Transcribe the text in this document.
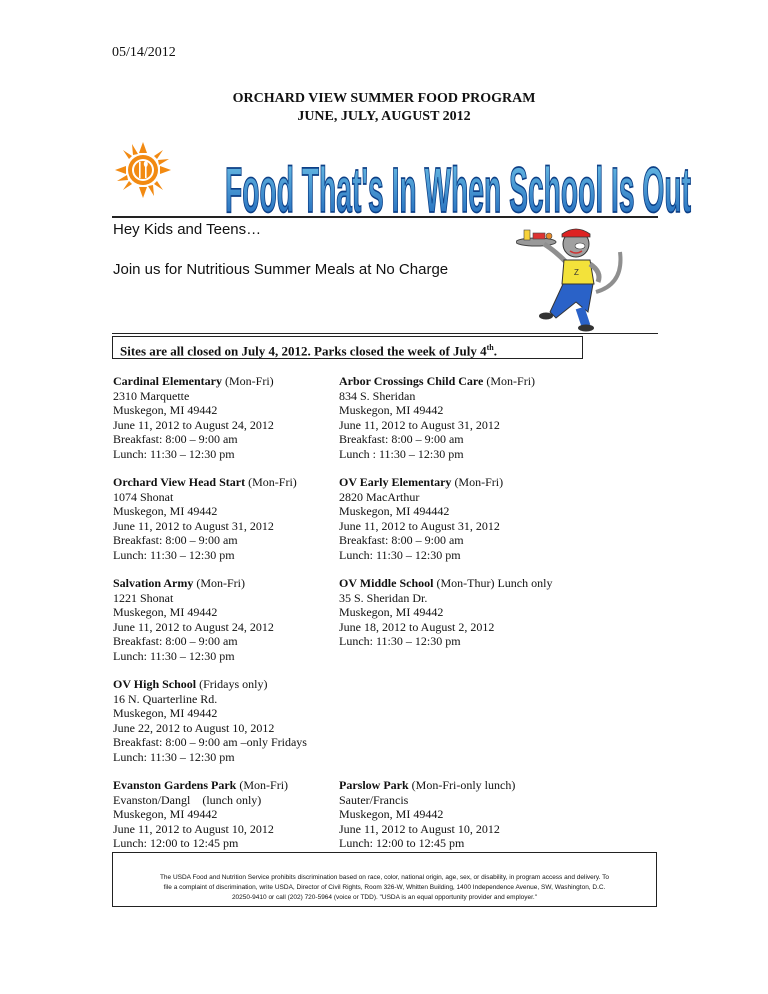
05/14/2012
ORCHARD VIEW SUMMER FOOD PROGRAM
JUNE, JULY, AUGUST 2012
Food That's In When School Is Out
Hey Kids and Teens…
Join us for Nutritious Summer Meals at No Charge	Z
Sites are all closed on July 4, 2012. Parks closed the week of July 4th.
Cardinal Elementary (Mon-Fri)
2310 Marquette
Muskegon, MI 49442
June 11, 2012 to August 24, 2012
Breakfast: 8:00 – 9:00 am
Lunch: 11:30 – 12:30 pm
Arbor Crossings Child Care (Mon-Fri)
834 S. Sheridan
Muskegon, MI 49442
June 11, 2012 to August 31, 2012
Breakfast: 8:00 – 9:00 am
Lunch : 11:30 – 12:30 pm
Orchard View Head Start (Mon-Fri)
1074 Shonat
Muskegon, MI 49442
June 11, 2012 to August 31, 2012
Breakfast: 8:00 – 9:00 am
Lunch: 11:30 – 12:30 pm
OV Early Elementary (Mon-Fri)
2820 MacArthur
Muskegon, MI 494442
June 11, 2012 to August 31, 2012
Breakfast: 8:00 – 9:00 am
Lunch: 11:30 – 12:30 pm
Salvation Army (Mon-Fri)
1221 Shonat
Muskegon, MI 49442
June 11, 2012 to August 24, 2012
Breakfast: 8:00 – 9:00 am
Lunch: 11:30 – 12:30 pm
OV Middle School (Mon-Thur) Lunch only
35 S. Sheridan Dr.
Muskegon, MI 49442
June 18, 2012 to August 2, 2012
Lunch: 11:30 – 12:30 pm
OV High School (Fridays only)
16 N. Quarterline Rd.
Muskegon, MI 49442
June 22, 2012 to August 10, 2012
Breakfast: 8:00 – 9:00 am –only Fridays
Lunch: 11:30 – 12:30 pm
Evanston Gardens Park (Mon-Fri)
Evanston/Dangl    (lunch only)
Muskegon, MI 49442
June 11, 2012 to August 10, 2012
Lunch: 12:00 to 12:45 pm
Parslow Park (Mon-Fri-only lunch)
Sauter/Francis
Muskegon, MI 49442
June 11, 2012 to August 10, 2012
Lunch: 12:00 to 12:45 pm
The USDA Food and Nutrition Service prohibits discrimination based on race, color, national origin, age, sex, or disability, in program access and delivery. To
file a complaint of discrimination, write USDA, Director of Civil Rights, Room 326-W, Whitten Building, 1400 Independence Avenue, SW, Washington, D.C.
20250-9410 or call (202) 720-5964 (voice or TDD). "USDA is an equal opportunity provider and employer."
